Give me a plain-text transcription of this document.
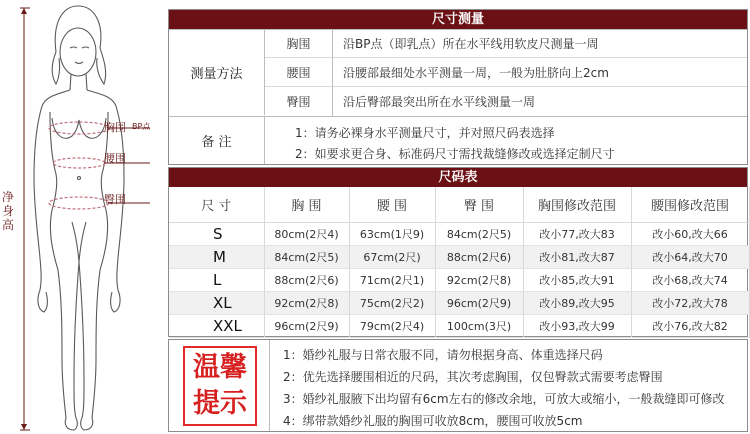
胸围 BP点
腰围
臀围
净身高
尺寸测量
测量方法
胸围	沿BP点（即乳点）所在水平线用软皮尺测量一周
腰围	沿腰部最细处水平测量一周，一般为肚脐向上2cm
臀围	沿后臀部最突出所在水平线测量一周
备 注
1：请务必裸身水平测量尺寸，并对照尺码表选择
2：如要求更合身、标准码尺寸需找裁缝修改或选择定制尺寸
尺码表
尺 寸	胸 围	腰 围	臀 围	胸围修改范围	腰围修改范围
S	80cm(2尺4)	63cm(1尺9)	84cm(2尺5)	改小77,改大83	改小60,改大66
M	84cm(2尺5)	67cm(2尺)	88cm(2尺6)	改小81,改大87	改小64,改大70
L	88cm(2尺6)	71cm(2尺1)	92cm(2尺8)	改小85,改大91	改小68,改大74
XL	92cm(2尺8)	75cm(2尺2)	96cm(2尺9)	改小89,改大95	改小72,改大78
XXL	96cm(2尺9)	79cm(2尺4)	100cm(3尺)	改小93,改大99	改小76,改大82
温馨
提示
1：婚纱礼服与日常衣服不同，请勿根据身高、体重选择尺码
2：优先选择腰围相近的尺码，其次考虑胸围，仅包臀款式需要考虑臀围
3：婚纱礼服腋下出均留有6cm左右的修改余地，可放大或缩小，一般裁缝即可修改
4：绑带款婚纱礼服的胸围可收放8cm，腰围可收放5cm
